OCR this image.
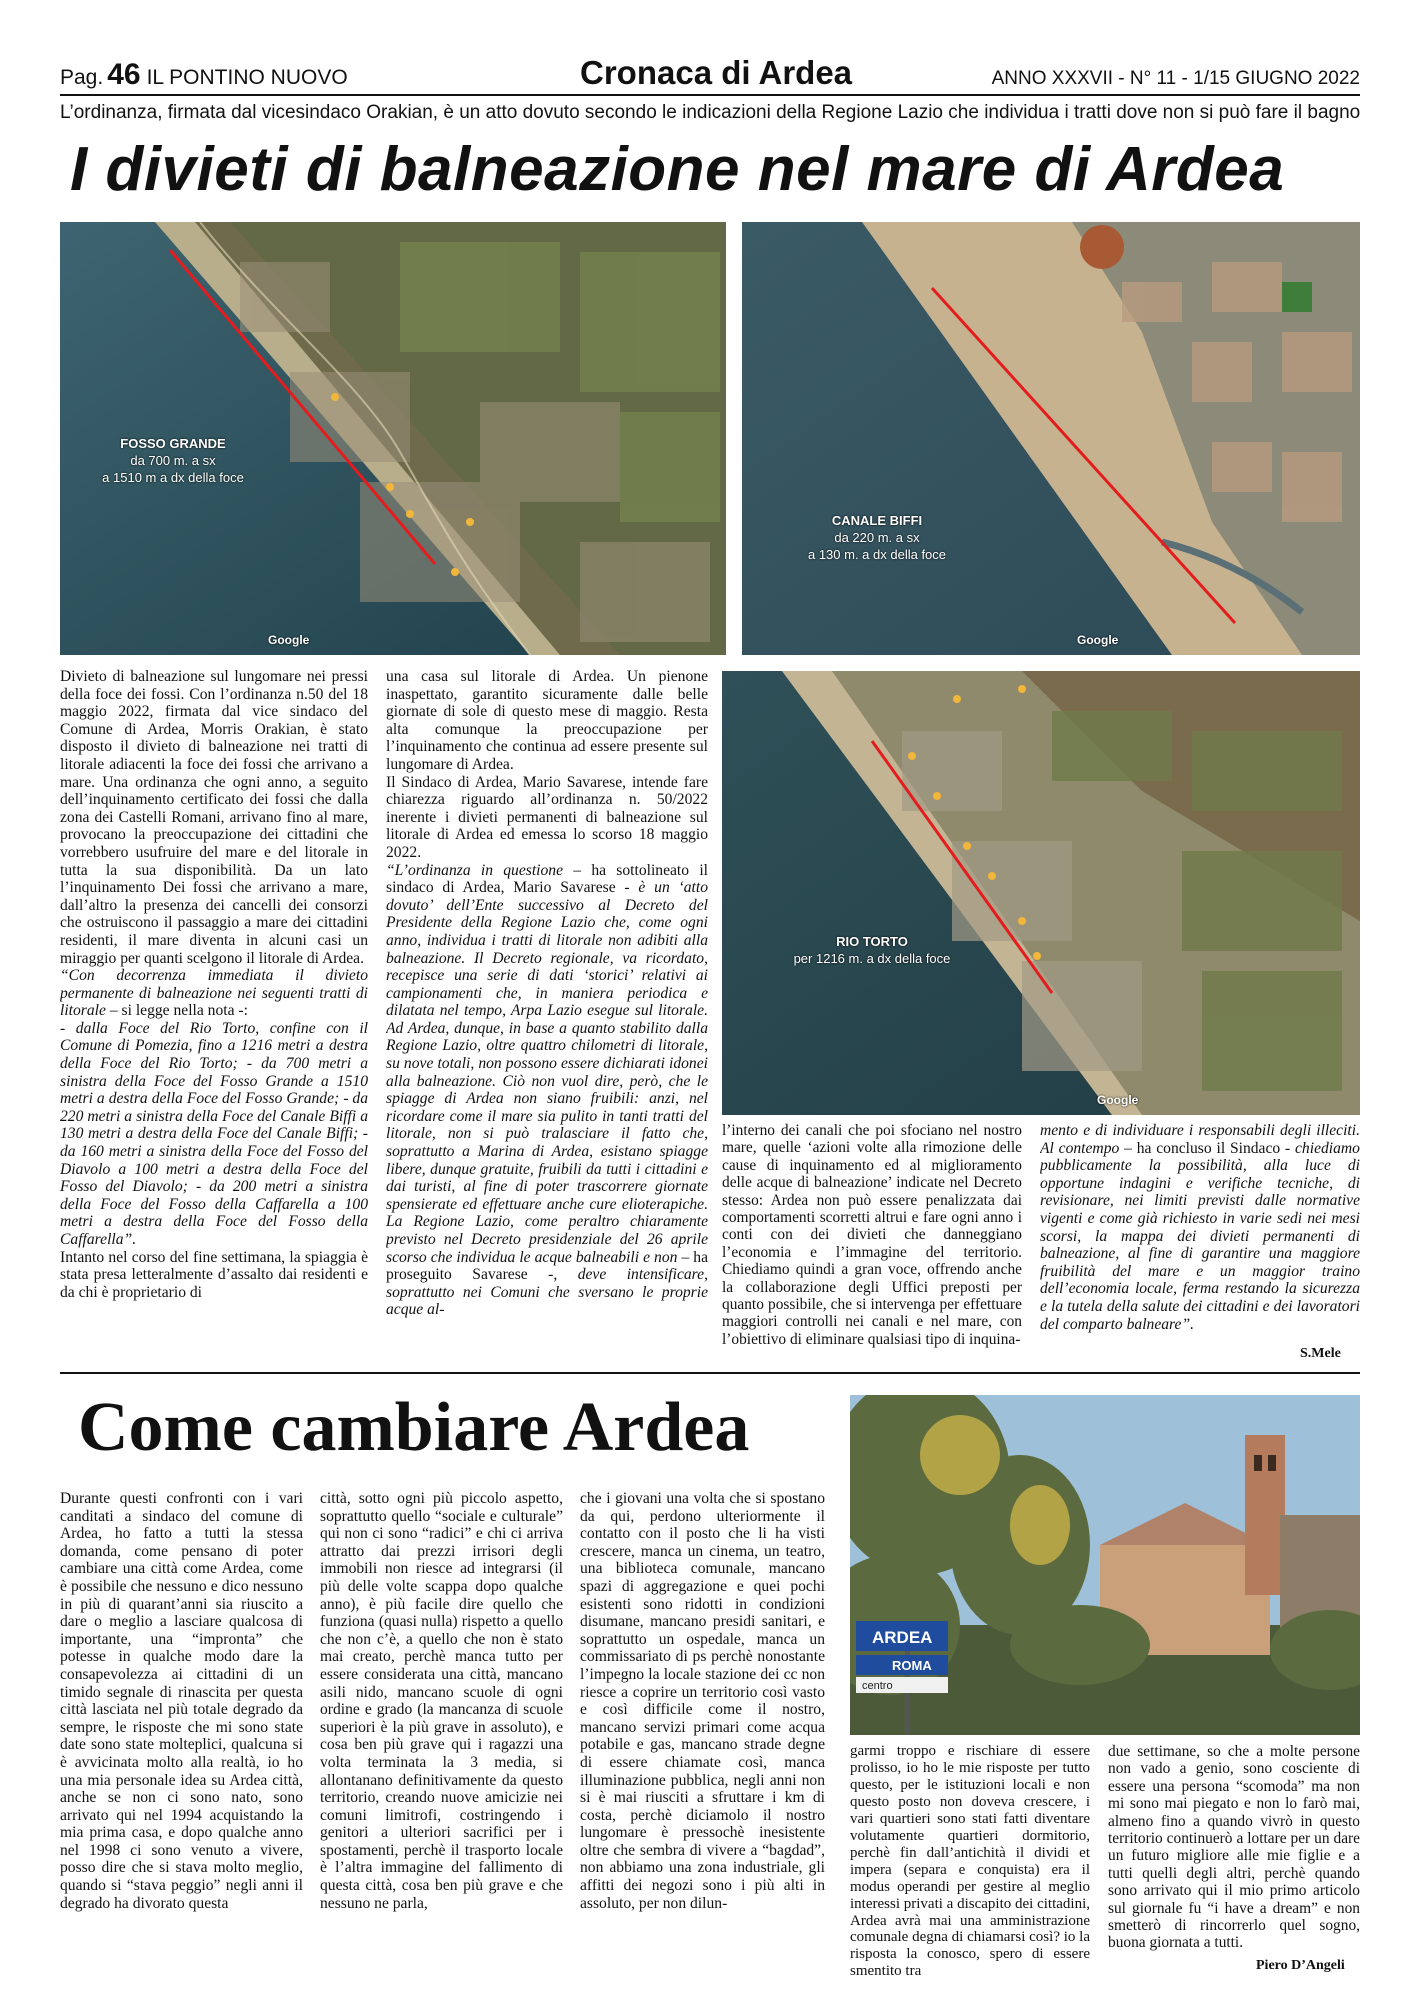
Pag. 46 IL PONTINO NUOVO	Cronaca di Ardea	ANNO XXXVII - N° 11 - 1/15 GIUGNO 2022
L’ordinanza, firmata dal vicesindaco Orakian, è un atto dovuto secondo le indicazioni della Regione Lazio che individua i tratti dove non si può fare il bagno
I divieti di balneazione nel mare di Ardea
FOSSO GRANDE
da 700 m. a sx
a 1510 m a dx della foce
Google
CANALE BIFFI
da 220 m. a sx
a 130 m. a dx della foce
Google
RIO TORTO
per 1216 m. a dx della foce
Google

Divieto di balneazione sul lungomare nei pressi della foce dei fossi. Con l’ordinanza n.50 del 18 maggio 2022, firmata dal vice sindaco del Comune di Ardea, Morris Orakian, è stato disposto il divieto di balneazione nei tratti di litorale adiacenti la foce dei fossi che arrivano a mare. Una ordinanza che ogni anno, a seguito dell’inquinamento certificato dei fossi che dalla zona dei Castelli Romani, arrivano fino al mare, provocano la preoccupazione dei cittadini che vorrebbero usufruire del mare e del litorale in tutta la sua disponibilità. Da un lato l’inquinamento Dei fossi che arrivano a mare, dall’altro la presenza dei cancelli dei consorzi che ostruiscono il passaggio a mare dei cittadini residenti, il mare diventa in alcuni casi un miraggio per quanti scelgono il litorale di Ardea.

“Con decorrenza immediata il divieto permanente di balneazione nei seguenti tratti di litorale – si legge nella nota -:

- dalla Foce del Rio Torto, confine con il Comune di Pomezia, fino a 1216 metri a destra della Foce del Rio Torto; - da 700 metri a sinistra della Foce del Fosso Grande a 1510 metri a destra della Foce del Fosso Grande; - da 220 metri a sinistra della Foce del Canale Biffi a 130 metri a destra della Foce del Canale Biffi; - da 160 metri a sinistra della Foce del Fosso del Diavolo a 100 metri a destra della Foce del Fosso del Diavolo; - da 200 metri a sinistra della Foce del Fosso della Caffarella a 100 metri a destra della Foce del Fosso della Caffarella”.

Intanto nel corso del fine settimana, la spiaggia è stata presa letteralmente d’assalto dai residenti e da chi è proprietario di

una casa sul litorale di Ardea. Un pienone inaspettato, garantito sicuramente dalle belle giornate di sole di questo mese di maggio. Resta alta comunque la preoccupazione per l’inquinamento che continua ad essere presente sul lungomare di Ardea.

Il Sindaco di Ardea, Mario Savarese, intende fare chiarezza riguardo all’ordinanza n. 50/2022 inerente i divieti permanenti di balneazione sul litorale di Ardea ed emessa lo scorso 18 maggio 2022.

“L’ordinanza in questione – ha sottolineato il sindaco di Ardea, Mario Savarese - è un ‘atto dovuto’ dell’Ente successivo al Decreto del Presidente della Regione Lazio che, come ogni anno, individua i tratti di litorale non adibiti alla balneazione. Il Decreto regionale, va ricordato, recepisce una serie di dati ‘storici’ relativi ai campionamenti che, in maniera periodica e dilatata nel tempo, Arpa Lazio esegue sul litorale. Ad Ardea, dunque, in base a quanto stabilito dalla Regione Lazio, oltre quattro chilometri di litorale, su nove totali, non possono essere dichiarati idonei alla balneazione. Ciò non vuol dire, però, che le spiagge di Ardea non siano fruibili: anzi, nel ricordare come il mare sia pulito in tanti tratti del litorale, non si può tralasciare il fatto che, soprattutto a Marina di Ardea, esistano spiagge libere, dunque gratuite, fruibili da tutti i cittadini e dai turisti, al fine di poter trascorrere giornate spensierate ed effettuare anche cure elioterapiche. La Regione Lazio, come peraltro chiaramente previsto nel Decreto presidenziale del 26 aprile scorso che individua le acque balneabili e non – ha proseguito Savarese -, deve intensificare, soprattutto nei Comuni che sversano le proprie acque al-

l’interno dei canali che poi sfociano nel nostro mare, quelle ‘azioni volte alla rimozione delle cause di inquinamento ed al miglioramento delle acque di balneazione’ indicate nel Decreto stesso: Ardea non può essere penalizzata dai comportamenti scorretti altrui e fare ogni anno i conti con dei divieti che danneggiano l’economia e l’immagine del territorio. Chiediamo quindi a gran voce, offrendo anche la collaborazione degli Uffici preposti per quanto possibile, che si intervenga per effettuare maggiori controlli nei canali e nel mare, con l’obiettivo di eliminare qualsiasi tipo di inquina-

mento e di individuare i responsabili degli illeciti. Al contempo – ha concluso il Sindaco - chiediamo pubblicamente la possibilità, alla luce di opportune indagini e verifiche tecniche, di revisionare, nei limiti previsti dalle normative vigenti e come già richiesto in varie sedi nei mesi scorsi, la mappa dei divieti permanenti di balneazione, al fine di garantire una maggiore fruibilità del mare e un maggior traino dell’economia locale, ferma restando la sicurezza e la tutela della salute dei cittadini e dei lavoratori del comparto balneare”.

S.Mele
Come cambiare Ardea
ARDEA
ROMA
centro

Durante questi confronti con i vari canditati a sindaco del comune di Ardea, ho fatto a tutti la stessa domanda, come pensano di poter cambiare una città come Ardea, come è possibile che nessuno e dico nessuno in più di quarant’anni sia riuscito a dare o meglio a lasciare qualcosa di importante, una “impronta” che potesse in qualche modo dare la consapevolezza ai cittadini di un timido segnale di rinascita per questa città lasciata nel più totale degrado da sempre, le risposte che mi sono state date sono state molteplici, qualcuna si è avvicinata molto alla realtà, io ho una mia personale idea su Ardea città, anche se non ci sono nato, sono arrivato qui nel 1994 acquistando la mia prima casa, e dopo qualche anno nel 1998 ci sono venuto a vivere, posso dire che si stava molto meglio, quando si “stava peggio” negli anni il degrado ha divorato questa

città, sotto ogni più piccolo aspetto, soprattutto quello “sociale e culturale” qui non ci sono “radici” e chi ci arriva attratto dai prezzi irrisori degli immobili non riesce ad integrarsi (il più delle volte scappa dopo qualche anno), è più facile dire quello che funziona (quasi nulla) rispetto a quello che non c’è, a quello che non è stato mai creato, perchè manca tutto per essere considerata una città, mancano asili nido, mancano scuole di ogni ordine e grado (la mancanza di scuole superiori è la più grave in assoluto), e cosa ben più grave qui i ragazzi una volta terminata la 3 media, si allontanano definitivamente da questo territorio, creando nuove amicizie nei comuni limitrofi, costringendo i genitori a ulteriori sacrifici per i spostamenti, perchè il trasporto locale è l’altra immagine del fallimento di questa città, cosa ben più grave e che nessuno ne parla,

che i giovani una volta che si spostano da qui, perdono ulteriormente il contatto con il posto che li ha visti crescere, manca un cinema, un teatro, una biblioteca comunale, mancano spazi di aggregazione e quei pochi esistenti sono ridotti in condizioni disumane, mancano presidi sanitari, e soprattutto un ospedale, manca un commissariato di ps perchè nonostante l’impegno la locale stazione dei cc non riesce a coprire un territorio così vasto e così difficile come il nostro, mancano servizi primari come acqua potabile e gas, mancano strade degne di essere chiamate così, manca illuminazione pubblica, negli anni non si è mai riusciti a sfruttare i km di costa, perchè diciamolo il nostro lungomare è pressochè inesistente oltre che sembra di vivere a “bagdad”, non abbiamo una zona industriale, gli affitti dei negozi sono i più alti in assoluto, per non dilun-

garmi troppo e rischiare di essere prolisso, io ho le mie risposte per tutto questo, per le istituzioni locali e non questo posto non doveva crescere, i vari quartieri sono stati fatti diventare volutamente quartieri dormitorio, perchè fin dall’antichità il dividi et impera (separa e conquista) era il modus operandi per gestire al meglio interessi privati a discapito dei cittadini, Ardea avrà mai una amministrazione comunale degna di chiamarsi così? io la risposta la conosco, spero di essere smentito tra

due settimane, so che a molte persone non vado a genio, sono cosciente di essere una persona “scomoda” ma non mi sono mai piegato e non lo farò mai, almeno fino a quando vivrò in questo territorio continuerò a lottare per un dare un futuro migliore alle mie figlie e a tutti quelli degli altri, perchè quando sono arrivato qui il mio primo articolo sul giornale fu “i have a dream” e non smetterò di rincorrerlo quel sogno, buona giornata a tutti.

Piero D’Angeli
